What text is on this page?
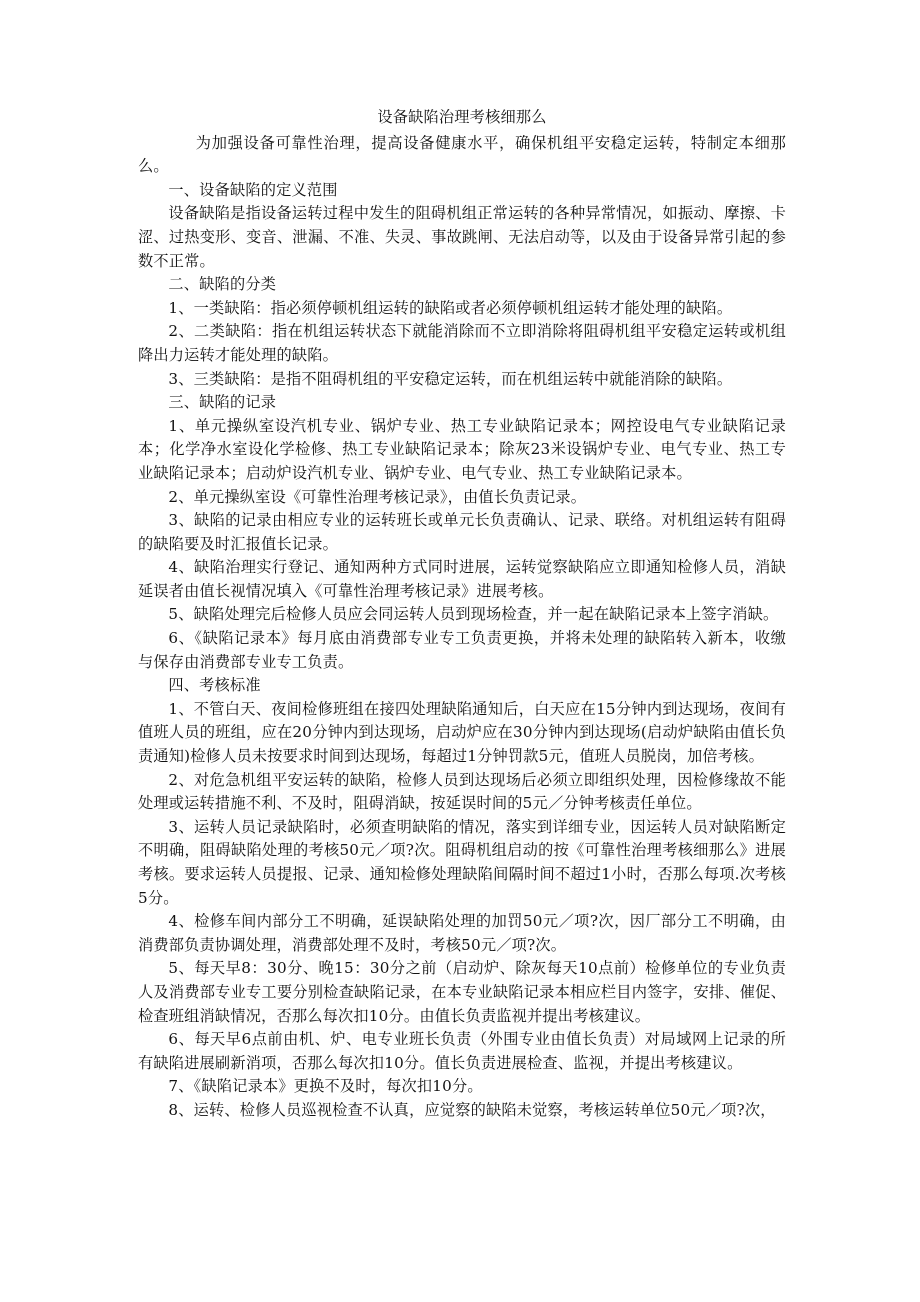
设备缺陷治理考核细那么

为加强设备可靠性治理，提高设备健康水平，确保机组平安稳定运转，特制定本细那么。

一、设备缺陷的定义范围

设备缺陷是指设备运转过程中发生的阻碍机组正常运转的各种异常情况，如振动、摩擦、卡涩、过热变形、变音、泄漏、不准、失灵、事故跳闸、无法启动等，以及由于设备异常引起的参数不正常。

二、缺陷的分类

1、一类缺陷：指必须停顿机组运转的缺陷或者必须停顿机组运转才能处理的缺陷。

2、二类缺陷：指在机组运转状态下就能消除而不立即消除将阻碍机组平安稳定运转或机组降出力运转才能处理的缺陷。

3、三类缺陷：是指不阻碍机组的平安稳定运转，而在机组运转中就能消除的缺陷。

三、缺陷的记录

1、单元操纵室设汽机专业、锅炉专业、热工专业缺陷记录本；网控设电气专业缺陷记录本；化学净水室设化学检修、热工专业缺陷记录本；除灰23米设锅炉专业、电气专业、热工专业缺陷记录本；启动炉设汽机专业、锅炉专业、电气专业、热工专业缺陷记录本。

2、单元操纵室设《可靠性治理考核记录》，由值长负责记录。

3、缺陷的记录由相应专业的运转班长或单元长负责确认、记录、联络。对机组运转有阻碍的缺陷要及时汇报值长记录。

4、缺陷治理实行登记、通知两种方式同时进展，运转觉察缺陷应立即通知检修人员，消缺延误者由值长视情况填入《可靠性治理考核记录》进展考核。

5、缺陷处理完后检修人员应会同运转人员到现场检查，并一起在缺陷记录本上签字消缺。

6、《缺陷记录本》每月底由消费部专业专工负责更换，并将未处理的缺陷转入新本，收缴与保存由消费部专业专工负责。

四、考核标准

1、不管白天、夜间检修班组在接四处理缺陷通知后，白天应在15分钟内到达现场，夜间有值班人员的班组，应在20分钟内到达现场，启动炉应在30分钟内到达现场(启动炉缺陷由值长负责通知)检修人员未按要求时间到达现场，每超过1分钟罚款5元，值班人员脱岗，加倍考核。

2、对危急机组平安运转的缺陷，检修人员到达现场后必须立即组织处理，因检修缘故不能处理或运转措施不利、不及时，阻碍消缺，按延误时间的5元／分钟考核责任单位。

3、运转人员记录缺陷时，必须查明缺陷的情况，落实到详细专业，因运转人员对缺陷断定不明确，阻碍缺陷处理的考核50元／项?次。阻碍机组启动的按《可靠性治理考核细那么》进展考核。要求运转人员提报、记录、通知检修处理缺陷间隔时间不超过1小时，否那么每项.次考核5分。

4、检修车间内部分工不明确，延误缺陷处理的加罚50元／项?次，因厂部分工不明确，由消费部负责协调处理，消费部处理不及时，考核50元／项?次。

5、每天早8：30分、晚15：30分之前（启动炉、除灰每天10点前）检修单位的专业负责人及消费部专业专工要分别检查缺陷记录，在本专业缺陷记录本相应栏目内签字，安排、催促、检查班组消缺情况，否那么每次扣10分。由值长负责监视并提出考核建议。

6、每天早6点前由机、炉、电专业班长负责（外围专业由值长负责）对局域网上记录的所有缺陷进展刷新消项，否那么每次扣10分。值长负责进展检查、监视，并提出考核建议。

7、《缺陷记录本》更换不及时，每次扣10分。

8、运转、检修人员巡视检查不认真，应觉察的缺陷未觉察，考核运转单位50元／项?次，
